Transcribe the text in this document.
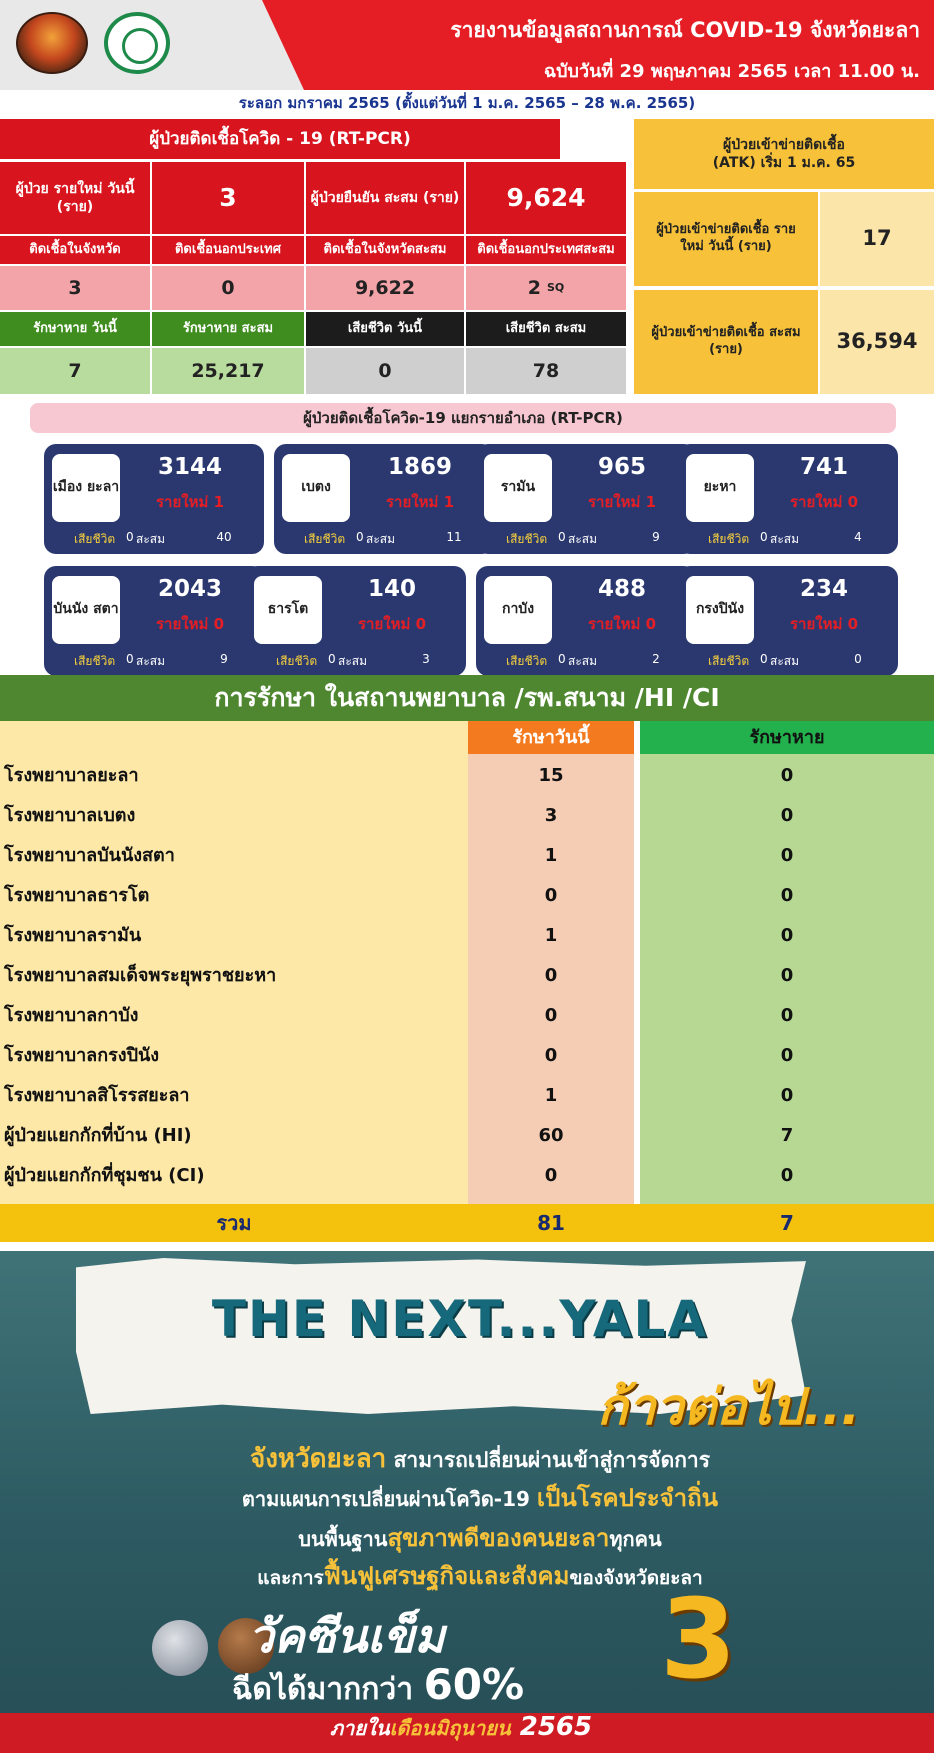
รายงานข้อมูลสถานการณ์ COVID-19 จังหวัดยะลา
ฉบับวันที่ 29 พฤษภาคม 2565 เวลา 11.00 น.
ระลอก มกราคม 2565 (ตั้งแต่วันที่ 1 ม.ค. 2565 – 28 พ.ค. 2565)
ผู้ป่วยติดเชื้อโควิด - 19 (RT-PCR)
ผู้ป่วย รายใหม่ วันนี้ (ราย)	3	ผู้ป่วยยืนยัน สะสม (ราย)	9,624
ติดเชื้อในจังหวัด	ติดเชื้อนอกประเทศ	ติดเชื้อในจังหวัดสะสม	ติดเชื้อนอกประเทศสะสม
3	0	9,622	2 SQ
รักษาหาย วันนี้	รักษาหาย สะสม	เสียชีวิต วันนี้	เสียชีวิต สะสม
7	25,217	0	78
ผู้ป่วยเข้าข่ายติดเชื้อ (ATK) เริ่ม 1 ม.ค. 65
ผู้ป่วยเข้าข่ายติดเชื้อ รายใหม่ วันนี้ (ราย)	17
ผู้ป่วยเข้าข่ายติดเชื้อ สะสม (ราย)	36,594
ผู้ป่วยติดเชื้อโควิด-19 แยกรายอำเภอ (RT-PCR)
เมือง ยะลา
3144
รายใหม่ 1
เสียชีวิต 0 สะสม	40
เบตง
1869
รายใหม่ 1
เสียชีวิต 0 สะสม	11
รามัน
965
รายใหม่ 1
เสียชีวิต 0 สะสม	9
ยะหา
741
รายใหม่ 0
เสียชีวิต 0 สะสม	4
บันนัง สตา
2043
รายใหม่ 0
เสียชีวิต 0 สะสม	9
ธารโต
140
รายใหม่ 0
เสียชีวิต 0 สะสม	3
กาบัง
488
รายใหม่ 0
เสียชีวิต 0 สะสม	2
กรงปินัง
234
รายใหม่ 0
เสียชีวิต 0 สะสม	0
การรักษา ในสถานพยาบาล /รพ.สนาม /HI /CI
รักษาวันนี้	รักษาหาย
โรงพยาบาลยะลา	15	0
โรงพยาบาลเบตง	3	0
โรงพยาบาลบันนังสตา	1	0
โรงพยาบาลธารโต	0	0
โรงพยาบาลรามัน	1	0
โรงพยาบาลสมเด็จพระยุพราชยะหา	0	0
โรงพยาบาลกาบัง	0	0
โรงพยาบาลกรงปินัง	0	0
โรงพยาบาลสิโรรสยะลา	1	0
ผู้ป่วยแยกกักที่บ้าน (HI)	60	7
ผู้ป่วยแยกกักที่ชุมชน (CI)	0	0
รวม	81	7
THE NEXT...YALA
ก้าวต่อไป...
จังหวัดยะลา สามารถเปลี่ยนผ่านเข้าสู่การจัดการ
ตามแผนการเปลี่ยนผ่านโควิด-19 เป็นโรคประจำถิ่น
บนพื้นฐานสุขภาพดีของคนยะลาทุกคน
และการฟื้นฟูเศรษฐกิจและสังคมของจังหวัดยะลา
วัคซีนเข็ม 3
ฉีดได้มากกว่า 60%
ภายในเดือนมิถุนายน 2565
